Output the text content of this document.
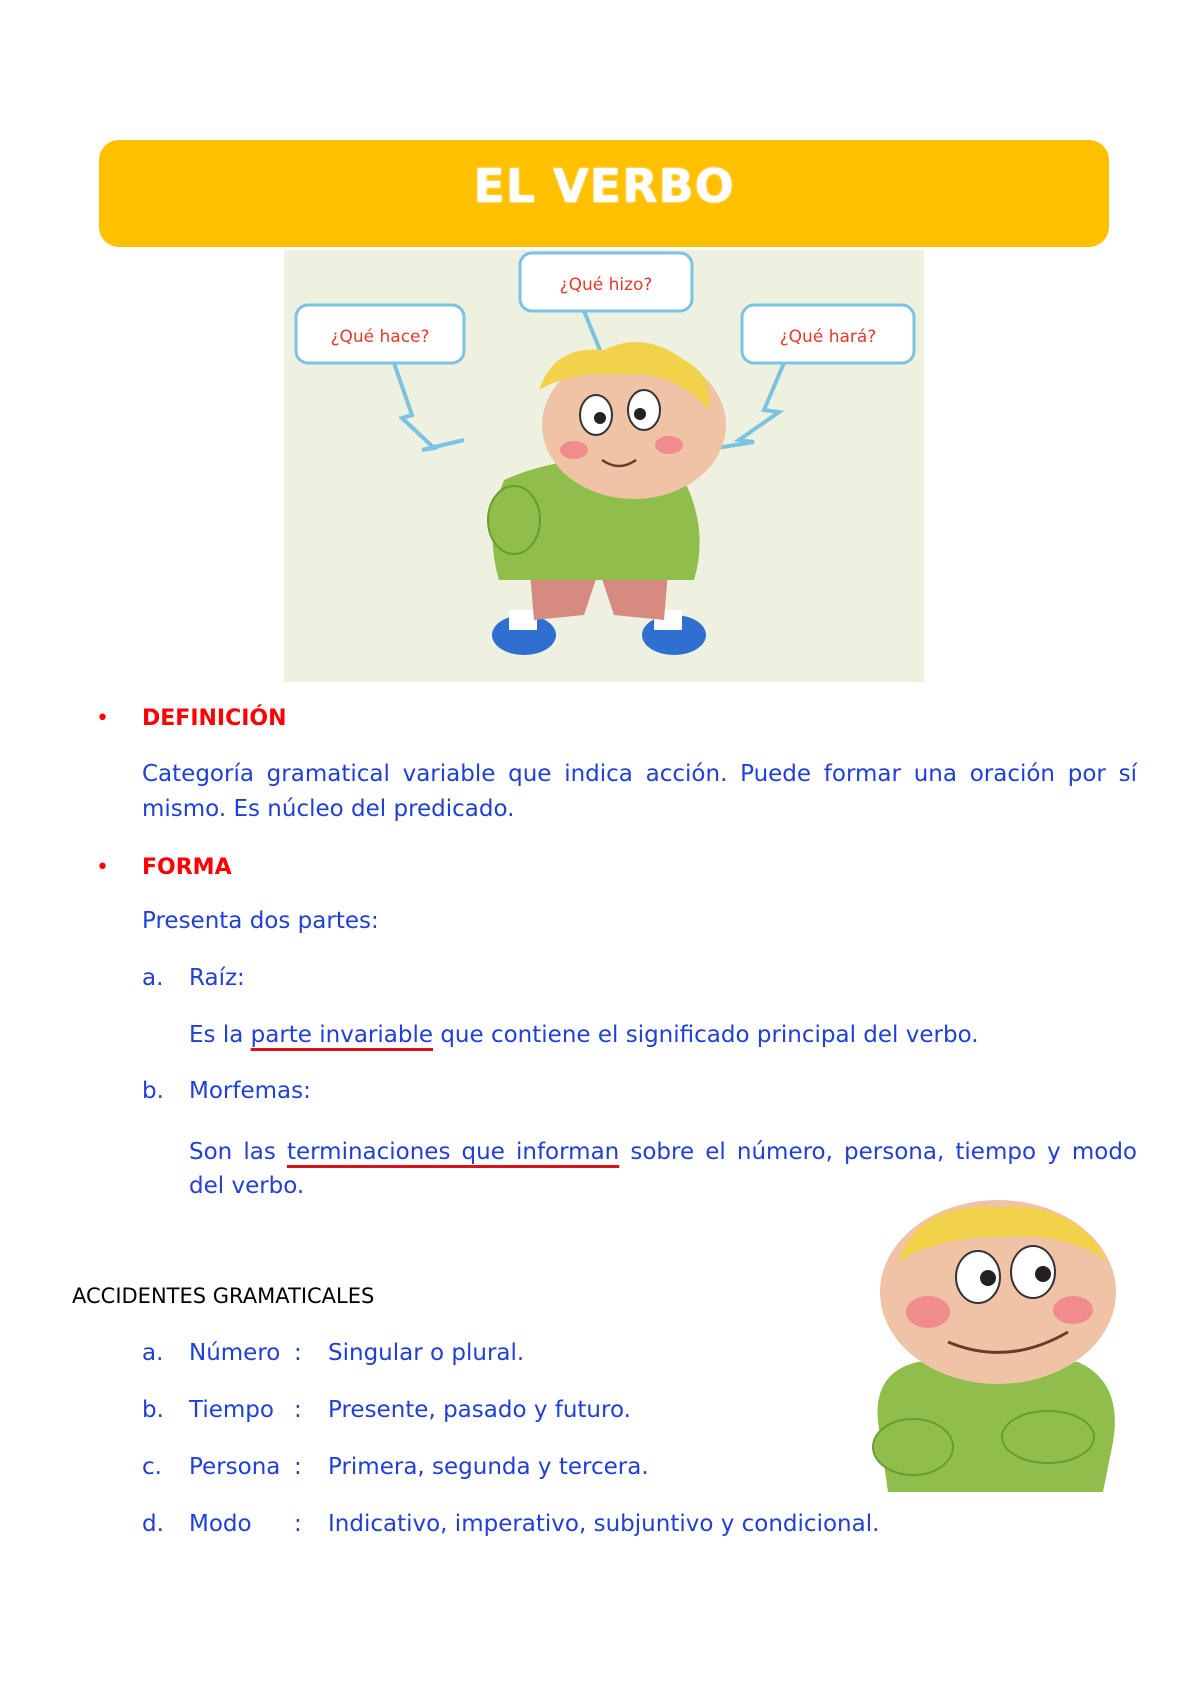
EL VERBO
¿Qué hace?
¿Qué hizo?
¿Qué hará?
• DEFINICIÓN
Categoría gramatical variable que indica acción. Puede formar una oración por sí mismo. Es núcleo del predicado.
• FORMA
Presenta dos partes:
a. Raíz:
Es la parte invariable que contiene el significado principal del verbo.
b. Morfemas:
Son las terminaciones que informan sobre el número, persona, tiempo y modo del verbo.
ACCIDENTES GRAMATICALES
a. Número : Singular o plural.
b. Tiempo : Presente, pasado y futuro.
c. Persona : Primera, segunda y tercera.
d. Modo : Indicativo, imperativo, subjuntivo y condicional.
